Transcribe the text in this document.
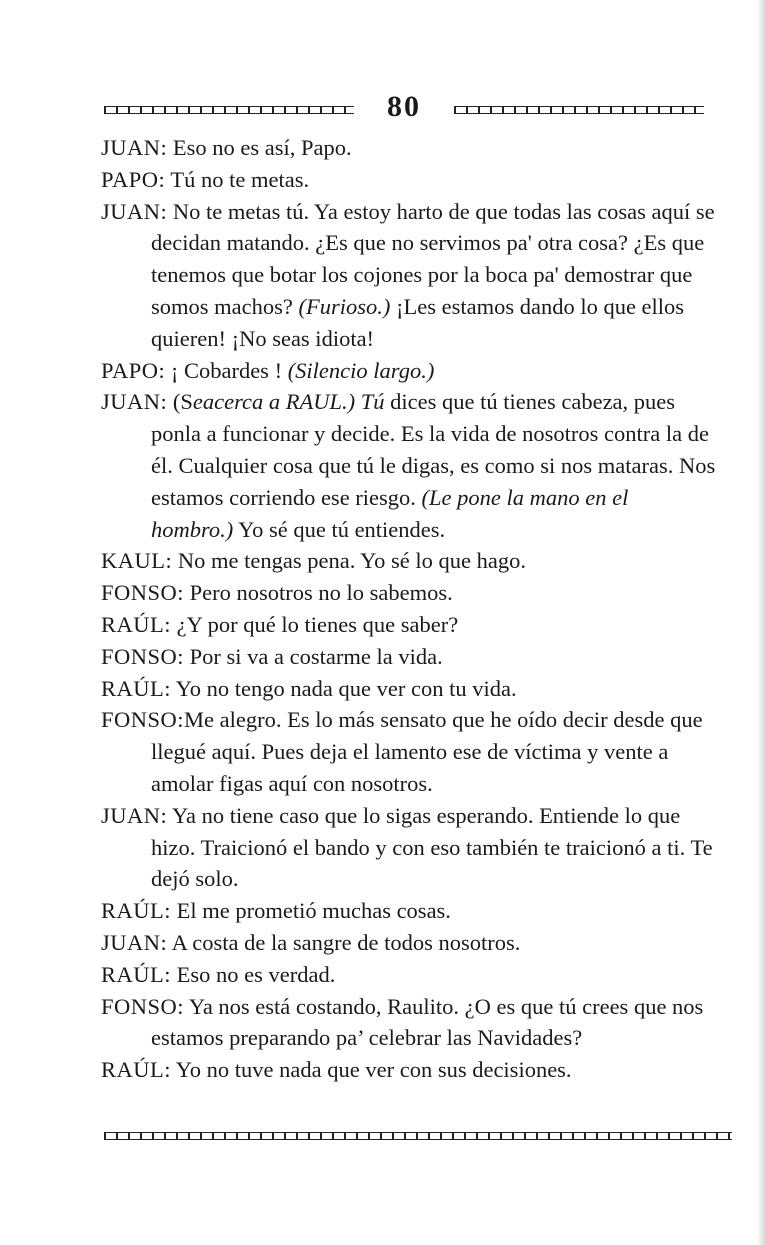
80

JUAN: Eso no es así, Papo.

PAPO: Tú no te metas.

JUAN: No te metas tú. Ya estoy harto de que todas las cosas aquí se decidan matando. ¿Es que no servimos pa' otra cosa? ¿Es que tenemos que botar los cojones por la boca pa' demostrar que somos machos? (Furioso.) ¡Les estamos dando lo que ellos quieren! ¡No seas idiota!

PAPO: ¡ Cobardes ! (Silencio largo.)

JUAN: (Seacerca a RAUL.) Tú dices que tú tienes cabeza, pues ponla a funcionar y decide. Es la vida de nosotros contra la de él. Cualquier cosa que tú le digas, es como si nos mataras. Nos estamos corriendo ese riesgo. (Le pone la mano en el hombro.) Yo sé que tú entiendes.

KAUL: No me tengas pena. Yo sé lo que hago.

FONSO: Pero nosotros no lo sabemos.

RAÚL: ¿Y por qué lo tienes que saber?

FONSO: Por si va a costarme la vida.

RAÚL: Yo no tengo nada que ver con tu vida.

FONSO:Me alegro. Es lo más sensato que he oído decir desde que llegué aquí. Pues deja el lamento ese de víctima y vente a amolar figas aquí con nosotros.

JUAN: Ya no tiene caso que lo sigas esperando. Entiende lo que hizo. Traicionó el bando y con eso también te traicionó a ti. Te dejó solo.

RAÚL: El me prometió muchas cosas.

JUAN: A costa de la sangre de todos nosotros.

RAÚL: Eso no es verdad.

FONSO: Ya nos está costando, Raulito. ¿O es que tú crees que nos estamos preparando pa’ celebrar las Navidades?

RAÚL: Yo no tuve nada que ver con sus decisiones.
